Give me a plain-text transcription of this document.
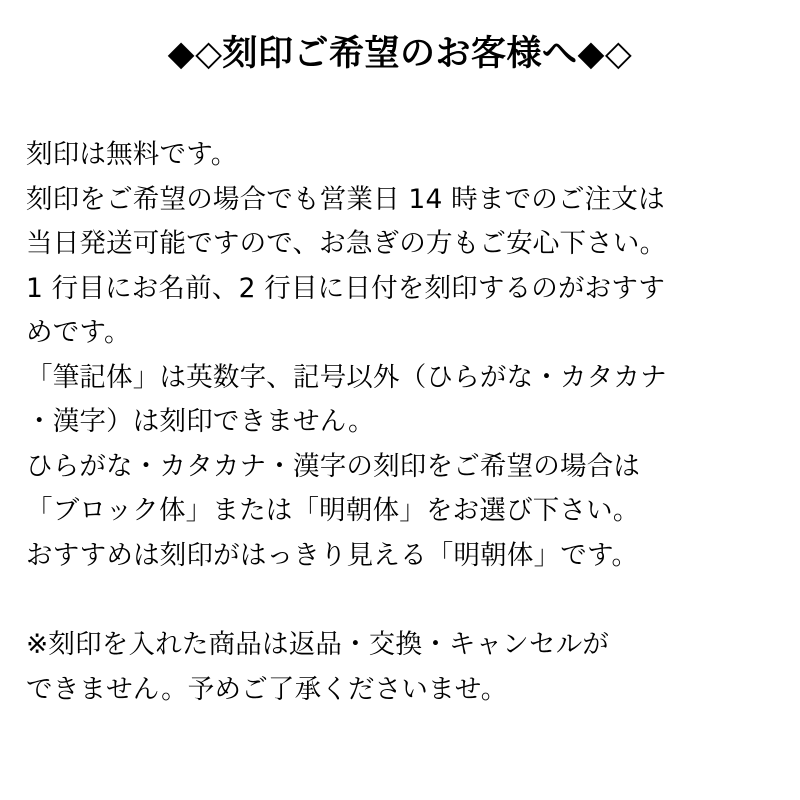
◆◇刻印ご希望のお客様へ◆◇

刻印は無料です。
刻印をご希望の場合でも営業日 14 時までのご注文は
当日発送可能ですので、お急ぎの方もご安心下さい。
1 行目にお名前、2 行目に日付を刻印するのがおすす
めです。
「筆記体」は英数字、記号以外（ひらがな・カタカナ
・漢字）は刻印できません。
ひらがな・カタカナ・漢字の刻印をご希望の場合は
「ブロック体」または「明朝体」をお選び下さい。
おすすめは刻印がはっきり見える「明朝体」です。

※刻印を入れた商品は返品・交換・キャンセルが
できません。予めご了承くださいませ。
